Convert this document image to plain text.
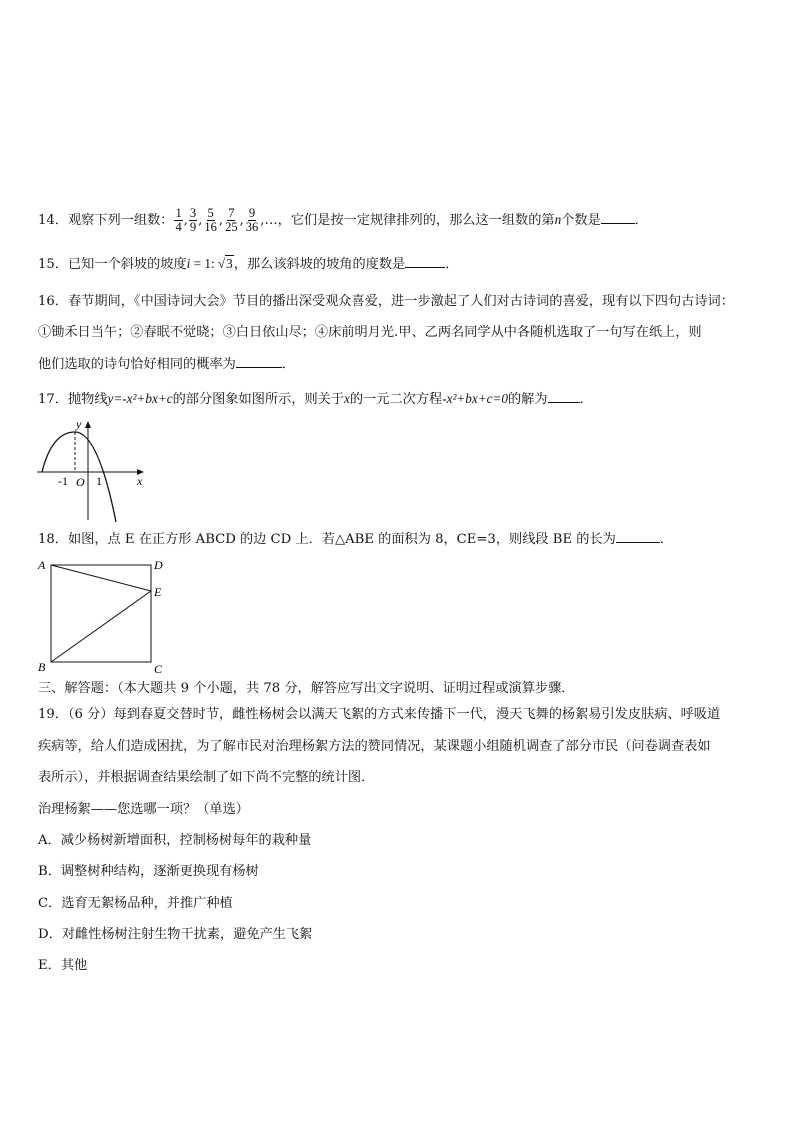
14．观察下列一组数： $\frac{1}{4}$ , $\frac{3}{9}$ , $\frac{5}{16}$ , $\frac{7}{25}$ , $\frac{9}{36}$ ,…，它们是按一定规律排列的，那么这一组数的第n个数是	．
15．已知一个斜坡的坡度i = 1: √3，那么该斜坡的坡角的度数是	．
16．春节期间，《中国诗词大会》节目的播出深受观众喜爱，进一步激起了人们对古诗词的喜爱，现有以下四句古诗词：
①锄禾日当午；②春眠不觉晓；③白日依山尽；④床前明月光.甲、乙两名同学从中各随机选取了一句写在纸上，则
他们选取的诗句恰好相同的概率为	．
17．抛物线y=-x²+bx+c的部分图象如图所示，则关于x的一元二次方程-x²+bx+c=0的解为 ．
y
x
O
-1 1
18．如图，点 E 在正方形 ABCD 的边 CD 上．若△ABE 的面积为 8，CE=3，则线段 BE 的长为	．
A	D
E
B	C
三、解答题：（本大题共 9 个小题，共 78 分，解答应写出文字说明、证明过程或演算步骤．
19．（6 分）每到春夏交替时节，雌性杨树会以满天飞絮的方式来传播下一代，漫天飞舞的杨絮易引发皮肤病、呼吸道
疾病等，给人们造成困扰，为了解市民对治理杨絮方法的赞同情况，某课题小组随机调查了部分市民（问卷调查表如
表所示），并根据调查结果绘制了如下尚不完整的统计图．
治理杨絮——您选哪一项？（单选）
A．减少杨树新增面积，控制杨树每年的栽种量
B．调整树种结构，逐渐更换现有杨树
C．选育无絮杨品种，并推广种植
D．对雌性杨树注射生物干扰素，避免产生飞絮
E．其他
